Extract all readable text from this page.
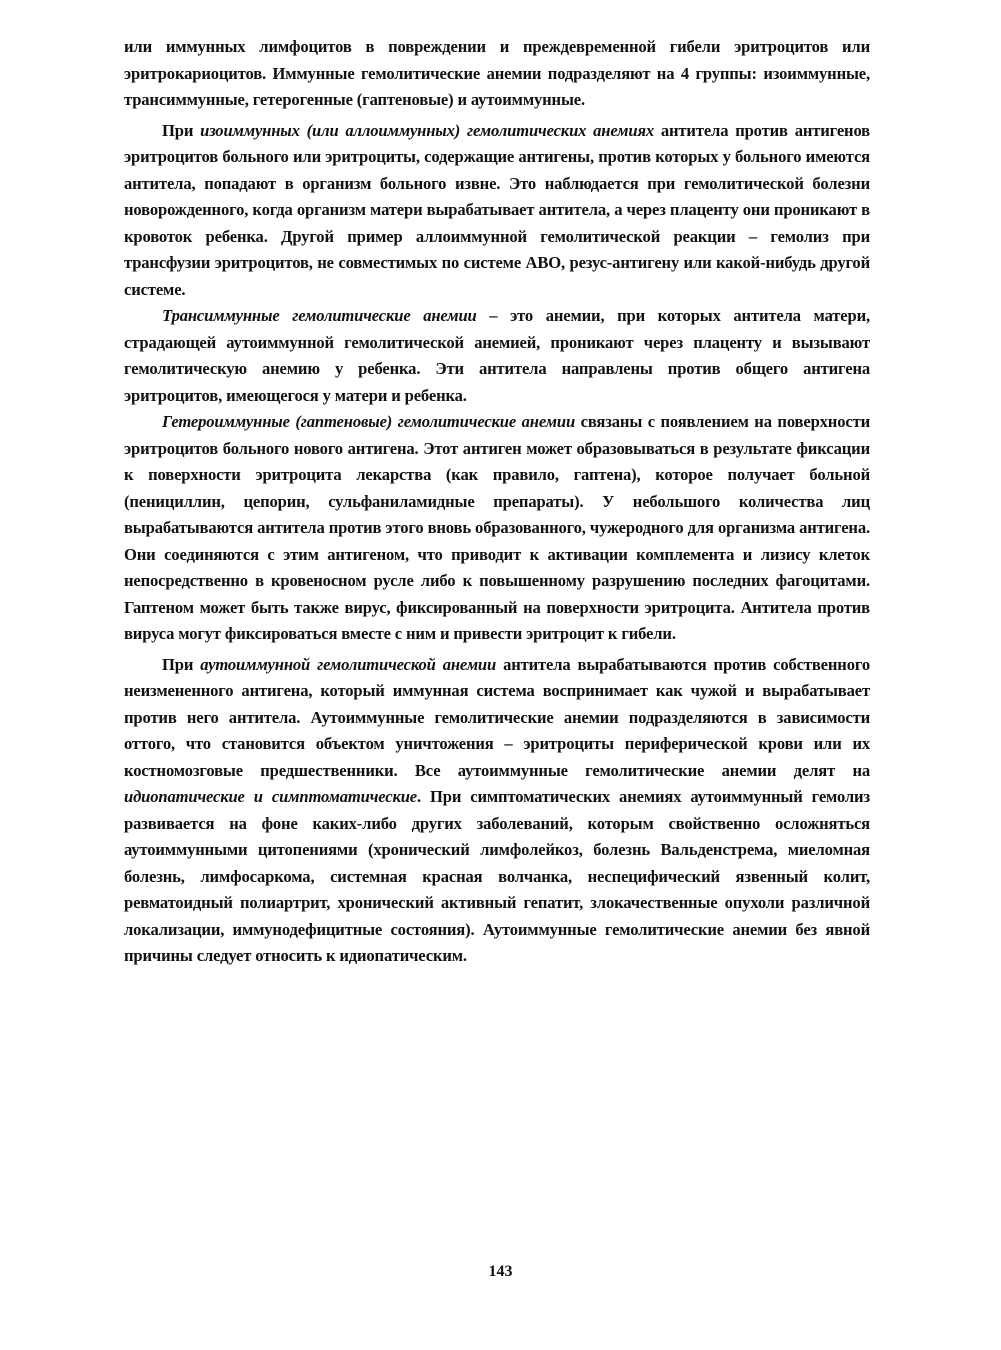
или иммунных лимфоцитов в повреждении и преждевременной гибели эритроцитов или эритрокариоцитов. Иммунные гемолитические анемии подразделяют на 4 группы: изоиммунные, трансиммунные, гетерогенные (гаптеновые) и аутоиммунные.

При изоиммунных (или аллоиммунных) гемолитических анемиях антитела против антигенов эритроцитов больного или эритроциты, содержащие антигены, против которых у больного имеются антитела, попадают в организм больного извне. Это наблюдается при гемолитической болезни новорожденного, когда организм матери вырабатывает антитела, а через плаценту они проникают в кровоток ребенка. Другой пример аллоиммунной гемолитической реакции – гемолиз при трансфузии эритроцитов, не совместимых по системе АВО, резус-антигену или какой-нибудь другой системе.

Трансиммунные гемолитические анемии – это анемии, при которых антитела матери, страдающей аутоиммунной гемолитической анемией, проникают через плаценту и вызывают гемолитическую анемию у ребенка. Эти антитела направлены против общего антигена эритроцитов, имеющегося у матери и ребенка.

Гетероиммунные (гаптеновые) гемолитические анемии связаны с появлением на поверхности эритроцитов больного нового антигена. Этот антиген может образовываться в результате фиксации к поверхности эритроцита лекарства (как правило, гаптена), которое получает больной (пенициллин, цепорин, сульфаниламидные препараты). У небольшого количества лиц вырабатываются антитела против этого вновь образованного, чужеродного для организма антигена. Они соединяются с этим антигеном, что приводит к активации комплемента и лизису клеток непосредственно в кровеносном русле либо к повышенному разрушению последних фагоцитами. Гаптеном может быть также вирус, фиксированный на поверхности эритроцита. Антитела против вируса могут фиксироваться вместе с ним и привести эритроцит к гибели.

При аутоиммунной гемолитической анемии антитела вырабатываются против собственного неизмененного антигена, который иммунная система воспринимает как чужой и вырабатывает против него антитела. Аутоиммунные гемолитические анемии подразделяются в зависимости оттого, что становится объектом уничтожения – эритроциты периферической крови или их костномозговые предшественники. Все аутоиммунные гемолитические анемии делят на идиопатические и симптоматические. При симптоматических анемиях аутоиммунный гемолиз развивается на фоне каких-либо других заболеваний, которым свойственно осложняться аутоиммунными цитопениями (хронический лимфолейкоз, болезнь Вальденстрема, миеломная болезнь, лимфосаркома, системная красная волчанка, неспецифический язвенный колит, ревматоидный полиартрит, хронический активный гепатит, злокачественные опухоли различной локализации, иммунодефицитные состояния). Аутоиммунные гемолитические анемии без явной причины следует относить к идиопатическим.

143
